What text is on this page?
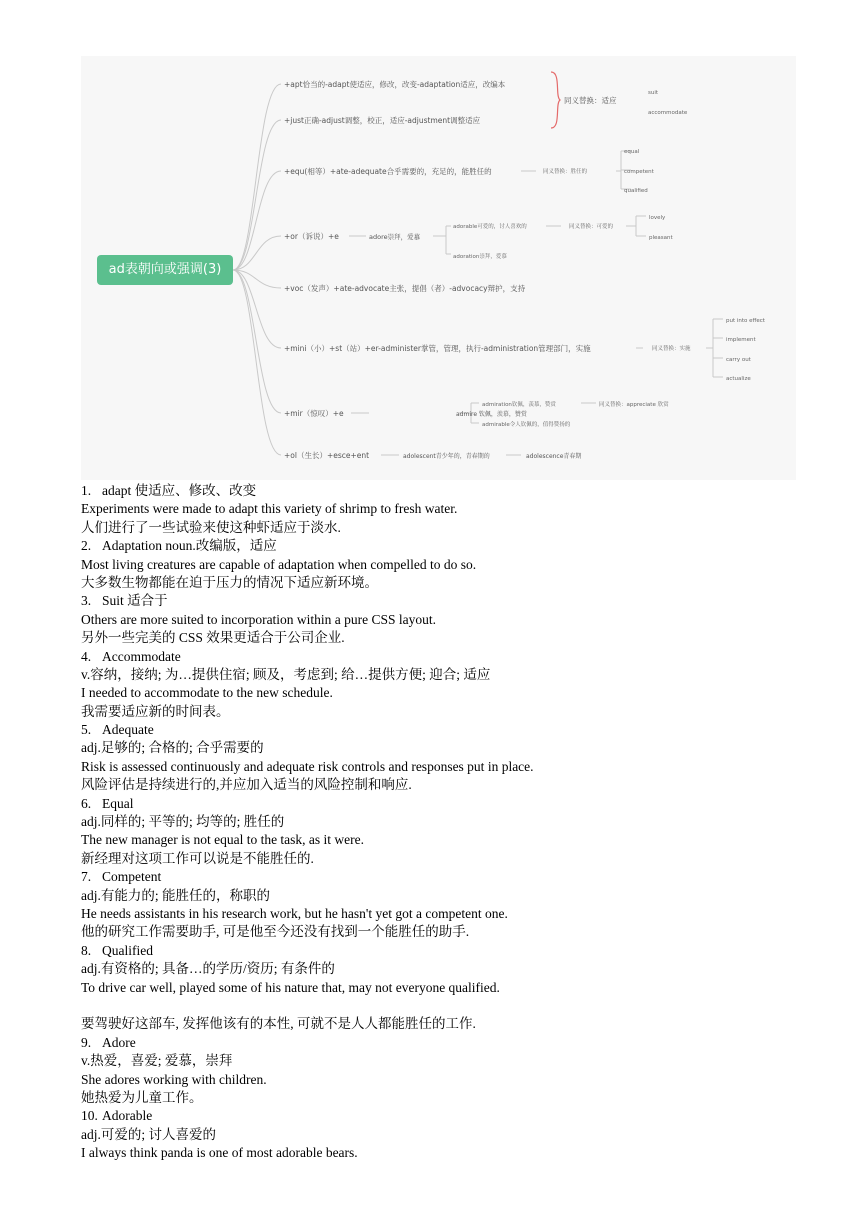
ad表朝向或强调(3)
+apt恰当的-adapt使适应，修改，改变-adaptation适应，改编本
+just正确-adjust调整，校正，适应-adjustment调整适应
+equ(相等）+ate-adequate合乎需要的，充足的，能胜任的
+or（诉说）+e
+voc（发声）+ate-advocate主张，提倡（者）-advocacy辩护，支持
+mini（小）+st（站）+er-administer掌管，管理，执行-administration管理部门，实施
+mir（惊叹）+e
+ol（生长）+esce+ent
同义替换：适应
adore崇拜，爱慕
admire 钦佩，羡慕，赞赏
adolescent青少年的，青春期的	adolescence青春期
suit
accommodate
同义替换：胜任的
equal
competent
qualified
adorable可爱的，讨人喜欢的
adoration崇拜，爱慕
同义替换：可爱的
lovely
pleasant
同义替换：实施
put into effect
implement
carry out
actualize
admiration钦佩，羡慕，赞赏	同义替换：appreciate 欣赏
admirable令人钦佩的，值得赞扬的
1. adapt 使适应、修改、改变
Experiments were made to adapt this variety of shrimp to fresh water.
人们进行了一些试验来使这种虾适应于淡水.
2. Adaptation noun.改编版，适应
Most living creatures are capable of adaptation when compelled to do so.
大多数生物都能在迫于压力的情况下适应新环境。
3. Suit 适合于
Others are more suited to incorporation within a pure CSS layout.
另外一些完美的 CSS 效果更适合于公司企业.
4. Accommodate
v.容纳，接纳; 为…提供住宿; 顾及，考虑到; 给…提供方便; 迎合; 适应
I needed to accommodate to the new schedule.
我需要适应新的时间表。
5. Adequate
adj.足够的; 合格的; 合乎需要的
Risk is assessed continuously and adequate risk controls and responses put in place.
风险评估是持续进行的,并应加入适当的风险控制和响应.
6. Equal
adj.同样的; 平等的; 均等的; 胜任的
The new manager is not equal to the task, as it were.
新经理对这项工作可以说是不能胜任的.
7. Competent
adj.有能力的; 能胜任的，称职的
He needs assistants in his research work, but he hasn't yet got a competent one.
他的研究工作需要助手, 可是他至今还没有找到一个能胜任的助手.
8. Qualified
adj.有资格的; 具备…的学历/资历; 有条件的
To drive car well, played some of his nature that, may not everyone qualified.
要驾驶好这部车, 发挥他该有的本性, 可就不是人人都能胜任的工作.
9. Adore
v.热爱，喜爱; 爱慕，崇拜
She adores working with children.
她热爱为儿童工作。
10. Adorable
adj.可爱的; 讨人喜爱的
I always think panda is one of most adorable bears.
